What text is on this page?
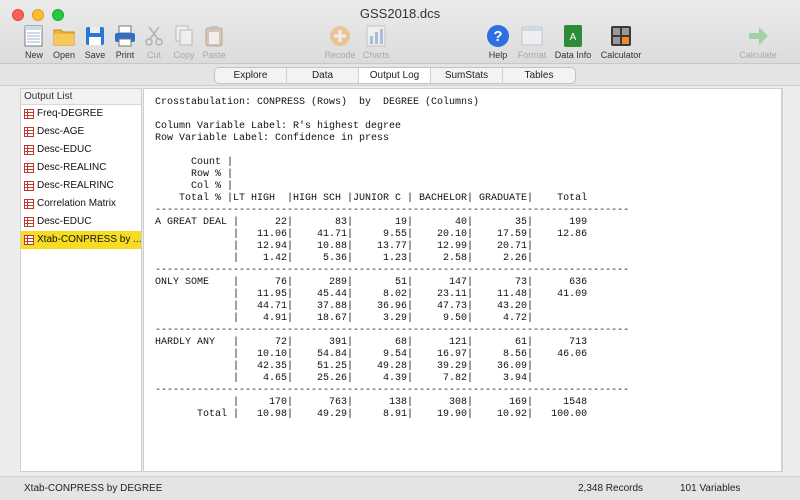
GSS2018.dcs
New	Open	Save	Print	Cut	Copy Paste	Recode Charts
?
Help	Format
A
Data Info	Calculator	Calculate
Explore	Data	Output Log	SumStats	Tables
Output List
Freq-DEGREE
Desc-AGE
Desc-EDUC
Desc-REALINC
Desc-REALRINC
Correlation Matrix
Desc-EDUC
Xtab-CONPRESS by ...
Crosstabulation: CONPRESS (Rows)  by  DEGREE (Columns)
Column Variable Label: R's highest degree
Row Variable Label: Confidence in press
Count |
Row % |
Col % |
Total % |LT HIGH  |HIGH SCH |JUNIOR C | BACHELOR| GRADUATE|    Total
-------------------------------------------------------------------------------
A GREAT DEAL |      22|       83|       19|       40|       35|      199
|   11.06|    41.71|     9.55|    20.10|    17.59|    12.86
|   12.94|    10.88|    13.77|    12.99|    20.71|
|    1.42|     5.36|     1.23|     2.58|     2.26|
-------------------------------------------------------------------------------
ONLY SOME    |      76|      289|       51|      147|       73|      636
|   11.95|    45.44|     8.02|    23.11|    11.48|    41.09
|   44.71|    37.88|    36.96|    47.73|    43.20|
|    4.91|    18.67|     3.29|     9.50|     4.72|
-------------------------------------------------------------------------------
HARDLY ANY   |      72|      391|       68|      121|       61|      713
|   10.10|    54.84|     9.54|    16.97|     8.56|    46.06
|   42.35|    51.25|    49.28|    39.29|    36.09|
|    4.65|    25.26|     4.39|     7.82|     3.94|
-------------------------------------------------------------------------------
|     170|      763|      138|      308|      169|     1548
Total |   10.98|    49.29|     8.91|    19.90|    10.92|   100.00
Xtab-CONPRESS by DEGREE	2,348 Records	101 Variables
